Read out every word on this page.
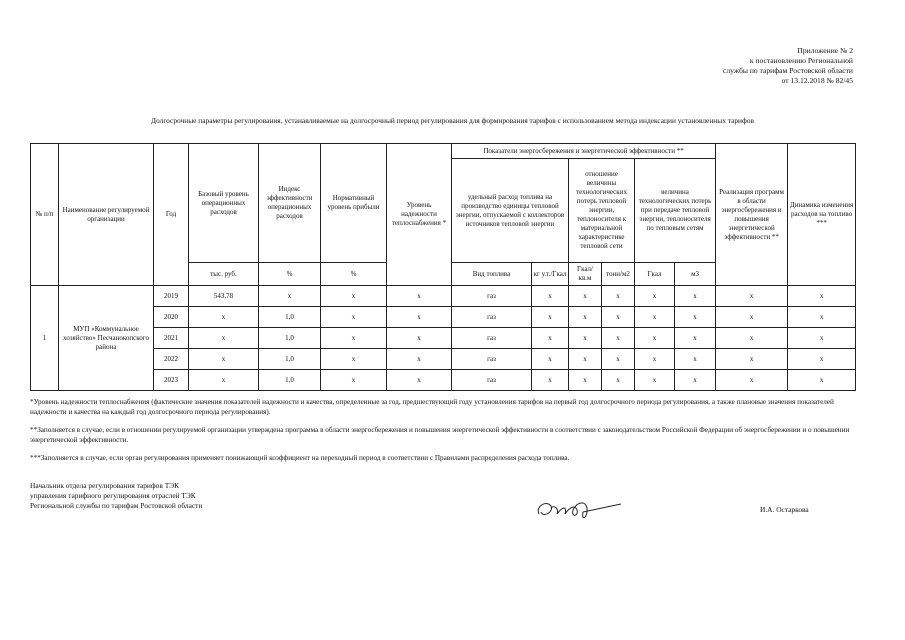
Приложение № 2
к постановлению Региональной
службы по тарифам Ростовской области
от 13.12.2018 № 82/45
Долгосрочные параметры регулирования, устанавливаемые на долгосрочный период регулирования для формирования тарифов с использованием метода индексации установленных тарифов
№ п/п	Наименование регулируемой организации	Год	Базовый уровень операционных расходов	Индекс эффективности операционных расходов	Нормативный уровень прибыли	Уровень надежности теплоснабжения *	Показатели энергосбережения и энергетической эффективности **						Реализация программ в области энергосбережения и повышения энергетической эффективности **	Динамика изменения расходов на топливо ***
							удельный расход топлива на производство единицы тепловой энергии, отпускаемой с коллекторов источников тепловой энергии		отношение величины технологических потерь тепловой энергии, теплоносителя к материальной характеристике тепловой сети		величина технологических потерь при передаче тепловой энергии, теплоносителя по тепловым сетям			
			тыс. руб.	%	%		Вид топлива	кг у.т./Гкал	Гкал/ кв.м	тонн/м2	Гкал	м3		
1	МУП «Коммунальное хозяйство» Песчанокопского района	2019	543,78	x	x	x	газ	x	x	x	x	x	x	x
		2020	x	1,0	x	x	газ	x	x	x	x	x	x	x
		2021	x	1,0	x	x	газ	x	x	x	x	x	x	x
		2022	x	1,0	x	x	газ	x	x	x	x	x	x	x
		2023	x	1,0	x	x	газ	x	x	x	x	x	x	x

*Уровень надежности теплоснабжения (фактические значения показателей надежности и качества, определенные за год, предшествующий году установления тарифов на первый год долгосрочного периода регулирования, а также плановые значения показателей надежности и качества на каждый год долгосрочного периода регулирования).

**Заполняется в случае, если в отношении регулируемой организации утверждена программа в области энергосбережения и повышения энергетической эффективности в соответствии с законодательством Российской Федерации об энергосбережении и о повышении энергетической эффективности.

***Заполняется в случае, если орган регулирования применяет понижающий коэффициент на переходный период в соответствии с Правилами распределения расхода топлива.

Начальник отдела регулирования тарифов ТЭК
управления тарифного регулирования отраслей ТЭК
Региональной службы по тарифам Ростовской области	И.А. Остаркова
